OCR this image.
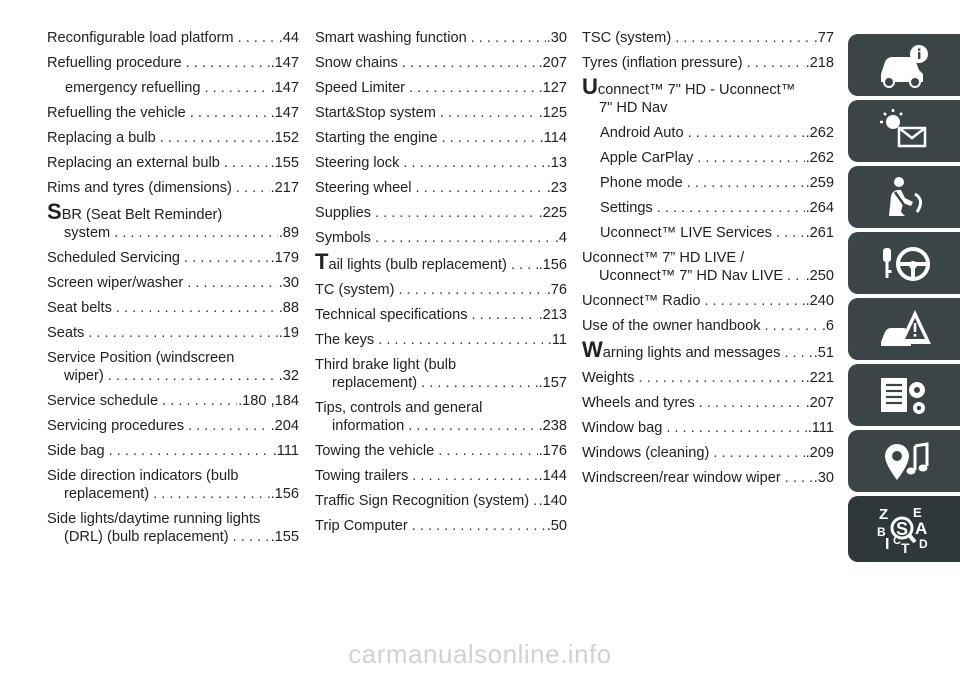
Reconfigurable load platform . . .	.44
Refuelling procedure . . .	.147
emergency refuelling . . .	.147
Refuelling the vehicle . . .	.147
Replacing a bulb . . .	.152
Replacing an external bulb . . .	.155
Rims and tyres (dimensions) . . .	.217
SBR (Seat Belt Reminder)
system . . .	.89
Scheduled Servicing . . .	.179
Screen wiper/washer . . .	.30
Seat belts . . .	.88
Seats . . .	.19
Service Position (windscreen
wiper) . . .	.32
Service schedule . . .	.180 ,184
Servicing procedures . . .	.204
Side bag . . .	.111
Side direction indicators (bulb
replacement) . . .	.156
Side lights/daytime running lights
(DRL) (bulb replacement) . . .	.155
Smart washing function . . .	.30
Snow chains . . .	.207
Speed Limiter . . .	.127
Start&Stop system . . .	.125
Starting the engine . . .	.114
Steering lock . . .	.13
Steering wheel . . .	.23
Supplies . . .	.225
Symbols . . .	.4
Tail lights (bulb replacement) . . . .156
TC (system) . . .	.76
Technical specifications . . .	.213
The keys . . .	.11
Third brake light (bulb
replacement) . . .	.157
Tips, controls and general
information . . .	.238
Towing the vehicle . . .	.176
Towing trailers . . .	.144
Traffic Sign Recognition (system) . . . .140
Trip Computer . . .	.50
TSC (system) . . .	.77
Tyres (inflation pressure) . . .	.218
Uconnect™ 7" HD - Uconnect™
7" HD Nav
Android Auto . . .	.262
Apple CarPlay . . .	.262
Phone mode . . .	.259
Settings . . .	.264
Uconnect™ LIVE Services . . . .261
Uconnect™ 7” HD LIVE /
Uconnect™ 7” HD Nav LIVE . . . .250
Uconnect™ Radio . . .	.240
Use of the owner handbook . . .	.6
Warning lights and messages . . . .51
Weights . . .	.221
Wheels and tyres . . .	.207
Window bag . . .	.111
Windows (cleaning) . . .	.209
Windscreen/rear window wiper . . . .30
Z E
A
B
D
I C T
S
carmanualsonline.info
